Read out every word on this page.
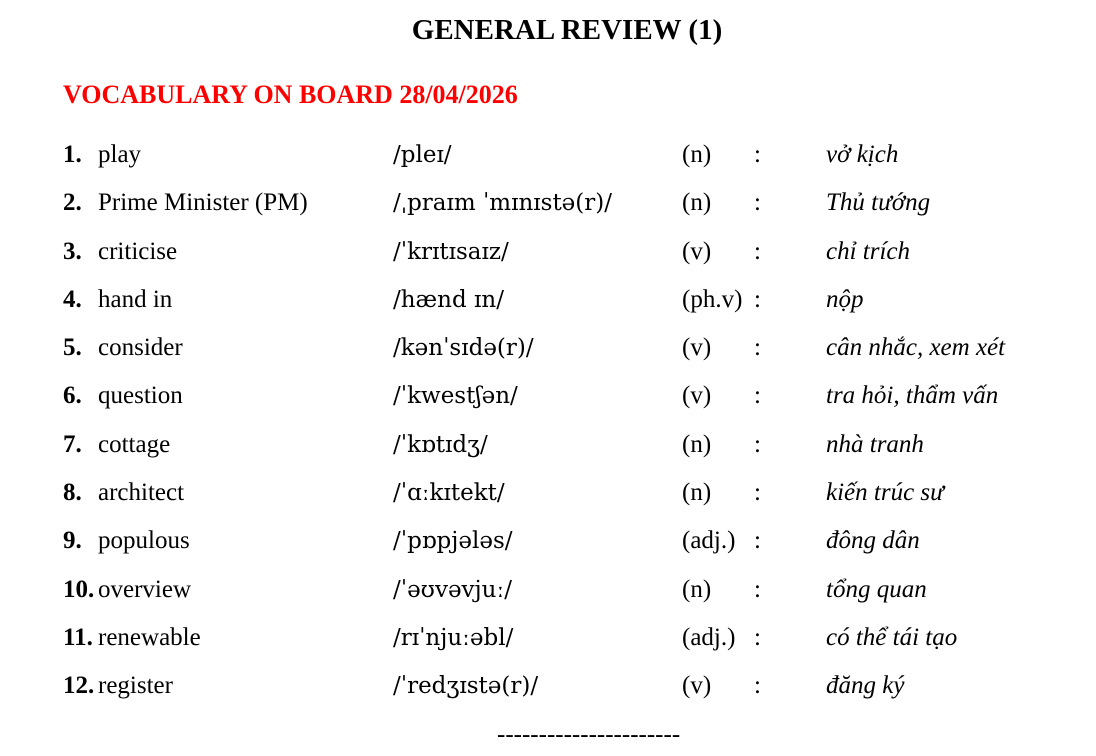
GENERAL REVIEW (1)
VOCABULARY ON BOARD 28/04/2026
1. play	/pleɪ/	(n) :	vở kịch
2. Prime Minister (PM)	/ˌpraɪm ˈmɪnɪstə(r)/	(n) :	Thủ tướng
3. criticise	/ˈkrɪtɪsaɪz/	(v) :	chỉ trích
4. hand in	/hænd ɪn/	(ph.v) :	nộp
5. consider	/kənˈsɪdə(r)/	(v) :	cân nhắc, xem xét
6. question	/ˈkwestʃən/	(v) :	tra hỏi, thẩm vấn
7. cottage	/ˈkɒtɪdʒ/	(n) :	nhà tranh
8. architect	/ˈɑːkɪtekt/	(n) :	kiến trúc sư
9. populous	/ˈpɒpjələs/	(adj.) :	đông dân
10. overview	/ˈəʊvəvjuː/	(n) :	tổng quan
11. renewable	/rɪˈnjuːəbl/	(adj.) :	có thể tái tạo
12. register	/ˈredʒɪstə(r)/	(v) :	đăng ký
----------------------
